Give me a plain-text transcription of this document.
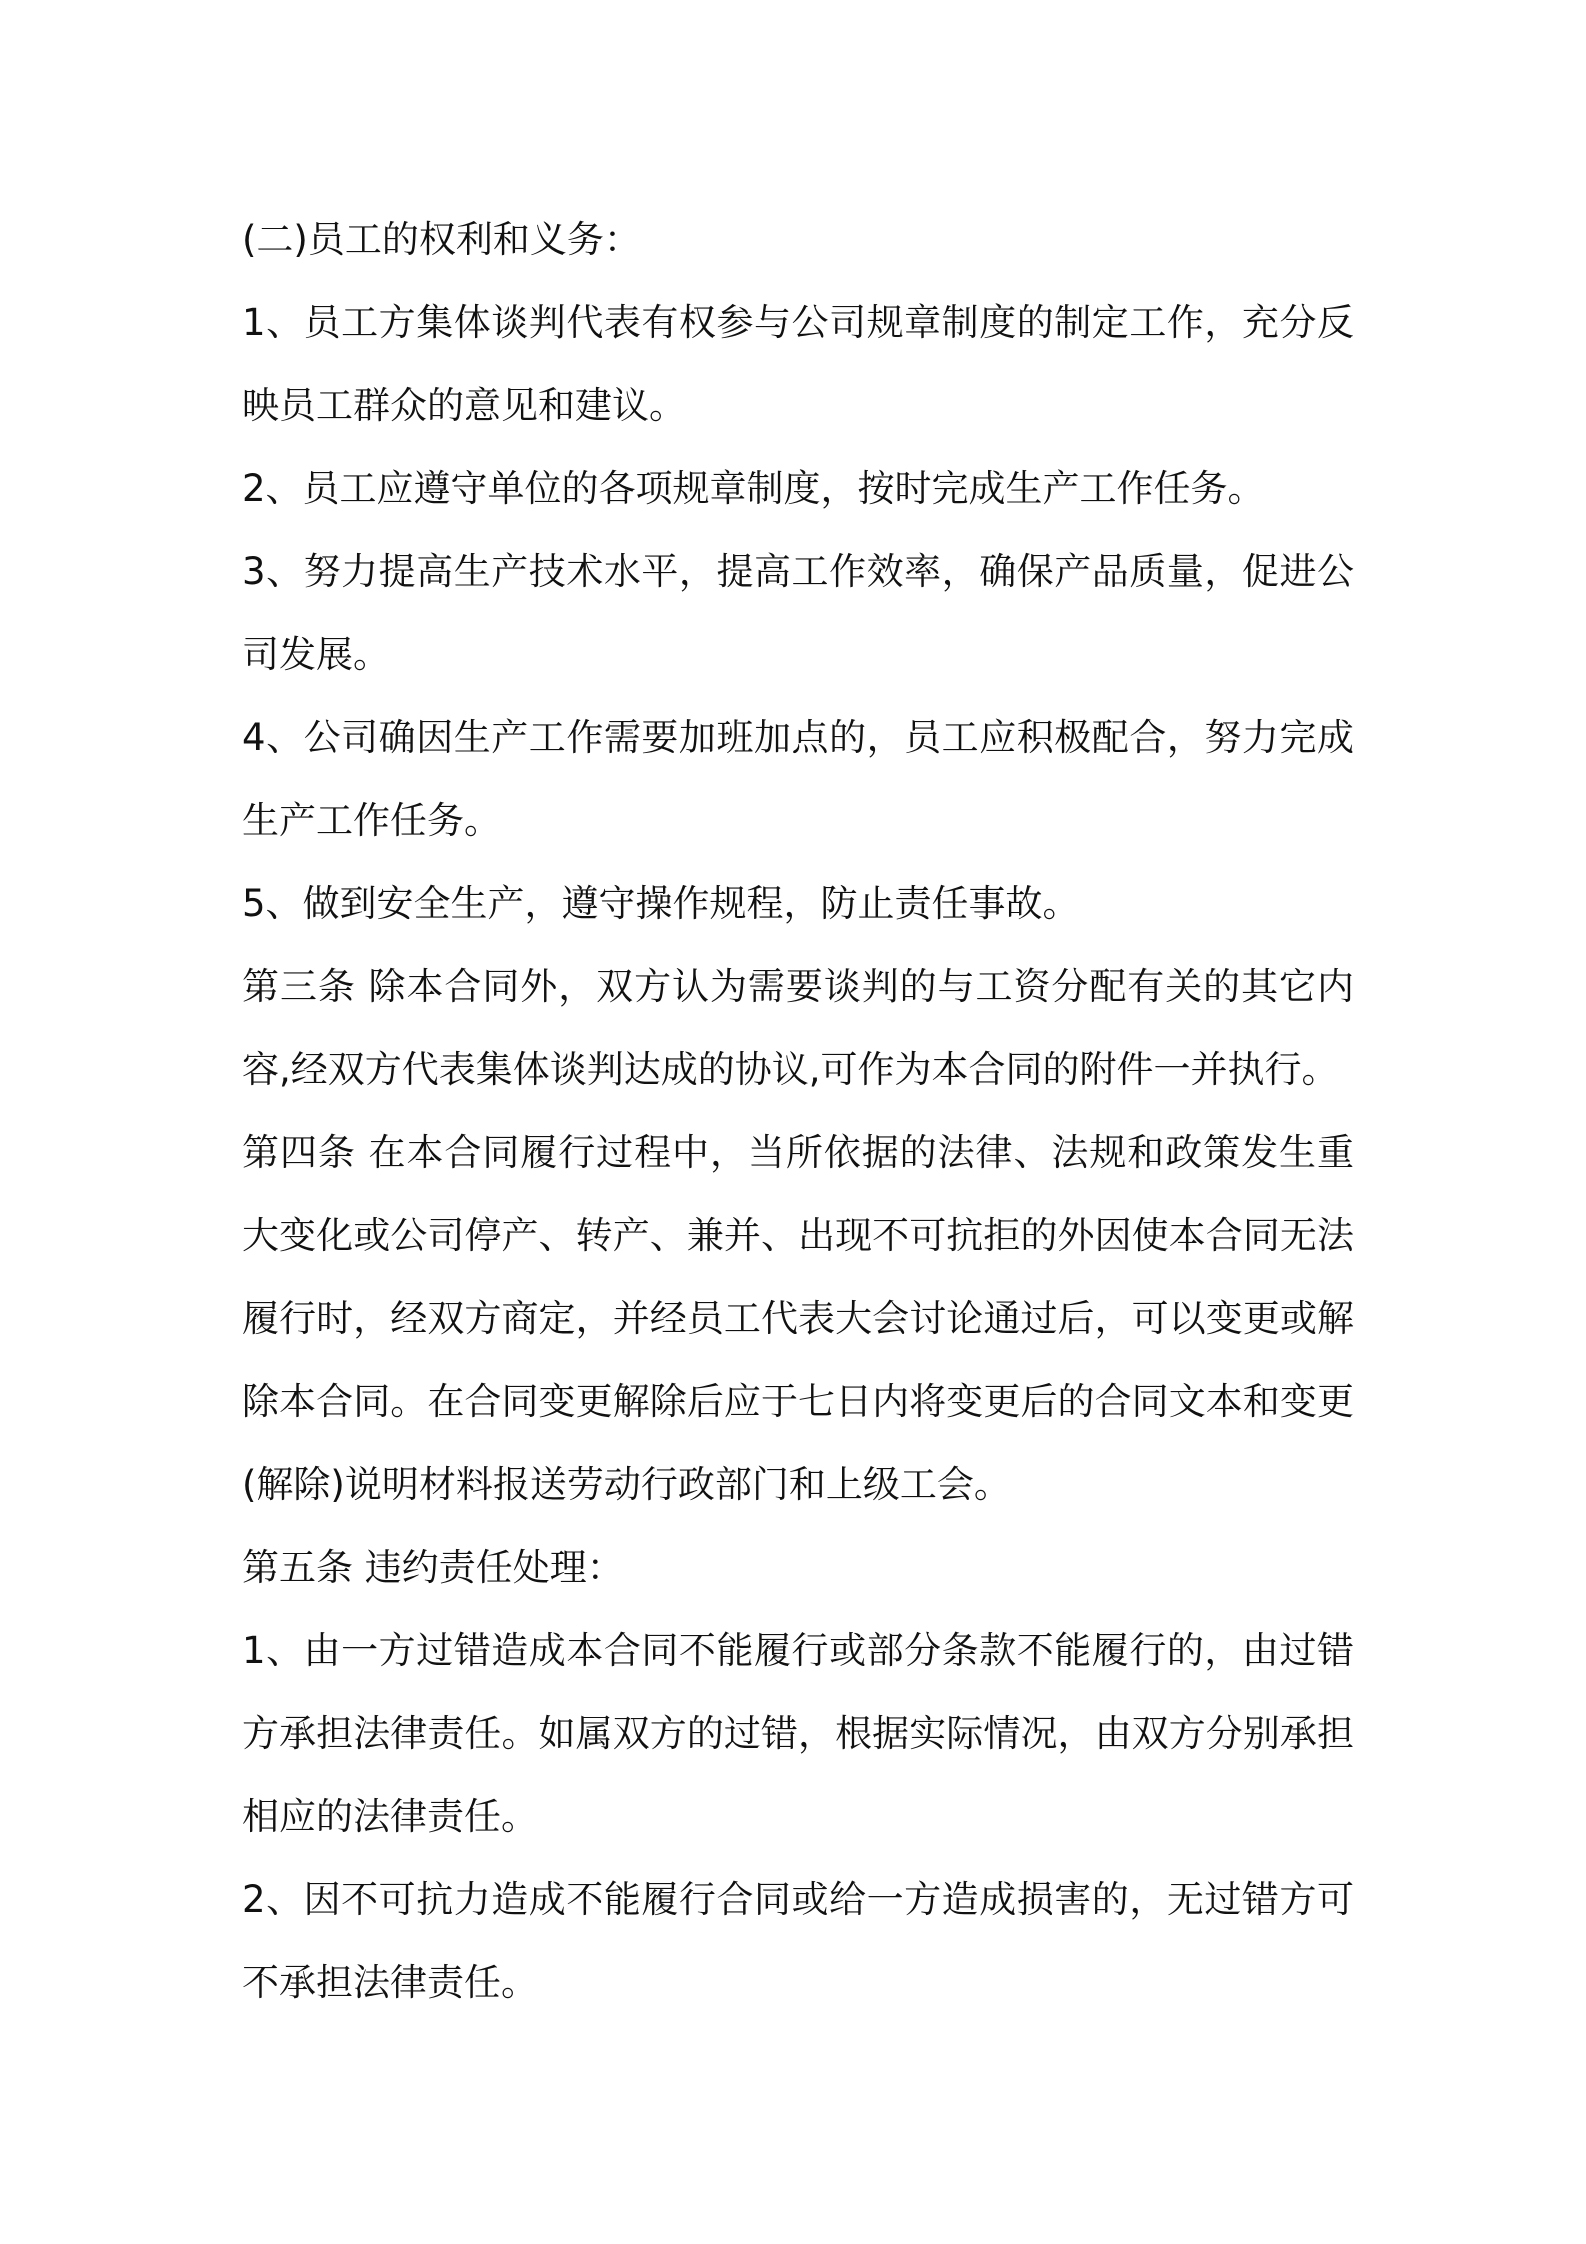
(二)员工的权利和义务：

1、员工方集体谈判代表有权参与公司规章制度的制定工作，充分反映员工群众的意见和建议。

2、员工应遵守单位的各项规章制度，按时完成生产工作任务。

3、努力提高生产技术水平，提高工作效率，确保产品质量，促进公司发展。

4、公司确因生产工作需要加班加点的，员工应积极配合，努力完成生产工作任务。

5、做到安全生产，遵守操作规程，防止责任事故。

第三条 除本合同外，双方认为需要谈判的与工资分配有关的其它内容,经双方代表集体谈判达成的协议,可作为本合同的附件一并执行。

第四条 在本合同履行过程中，当所依据的法律、法规和政策发生重大变化或公司停产、转产、兼并、出现不可抗拒的外因使本合同无法履行时，经双方商定，并经员工代表大会讨论通过后，可以变更或解除本合同。在合同变更解除后应于七日内将变更后的合同文本和变更(解除)说明材料报送劳动行政部门和上级工会。

第五条 违约责任处理：

1、由一方过错造成本合同不能履行或部分条款不能履行的，由过错方承担法律责任。如属双方的过错，根据实际情况，由双方分别承担相应的法律责任。

2、因不可抗力造成不能履行合同或给一方造成损害的，无过错方可不承担法律责任。
